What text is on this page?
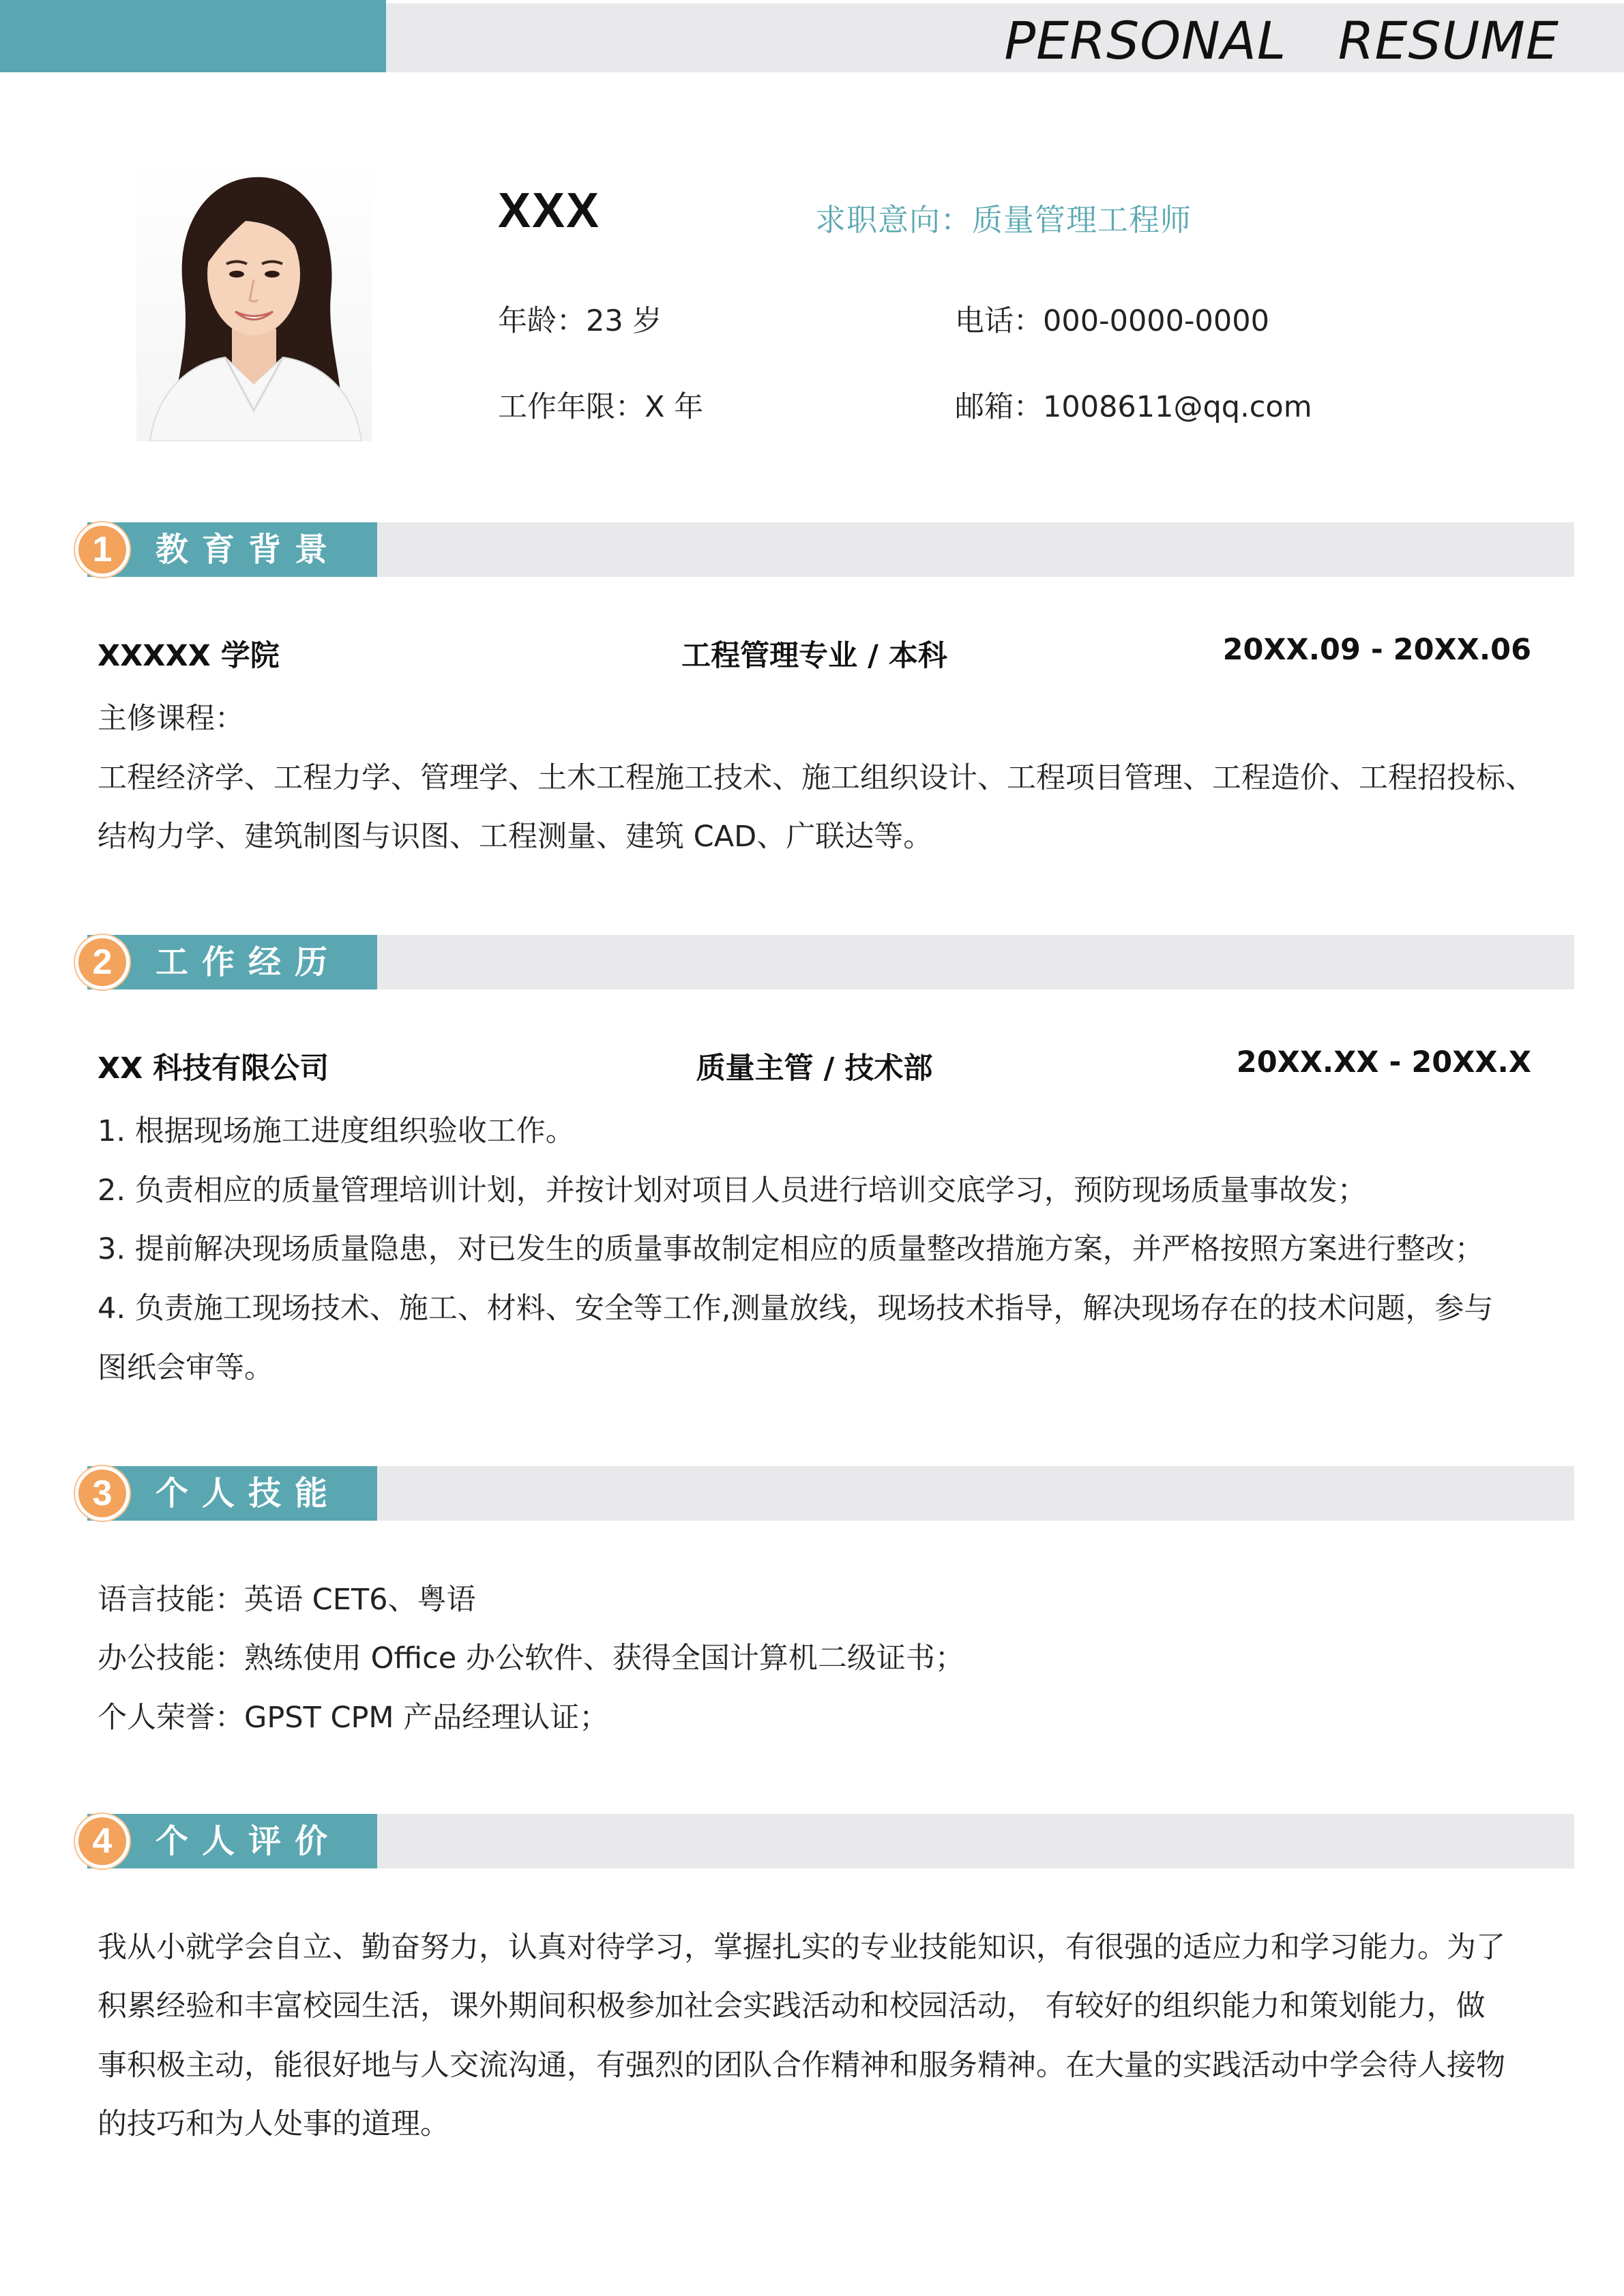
PERSONAL   RESUME
XXX	求职意向：质量管理工程师
年龄：23 岁	电话：000-0000-0000
工作年限：X 年	邮箱：1008611@qq.com
1	教育背景
XXXXX 学院	工程管理专业 / 本科	20XX.09 - 20XX.06
主修课程：
工程经济学、工程力学、管理学、土木工程施工技术、施工组织设计、工程项目管理、工程造价、工程招投标、
结构力学、建筑制图与识图、工程测量、建筑 CAD、广联达等。
2	工作经历
XX 科技有限公司	质量主管 / 技术部	20XX.XX - 20XX.X
1. 根据现场施工进度组织验收工作。
2. 负责相应的质量管理培训计划，并按计划对项目人员进行培训交底学习，预防现场质量事故发；
3. 提前解决现场质量隐患，对已发生的质量事故制定相应的质量整改措施方案，并严格按照方案进行整改；
4. 负责施工现场技术、施工、材料、安全等工作,测量放线，现场技术指导，解决现场存在的技术问题，参与
图纸会审等。
3	个人技能
语言技能：英语 CET6、粤语
办公技能：熟练使用 Office 办公软件、获得全国计算机二级证书；
个人荣誉：GPST CPM 产品经理认证；
4	个人评价
我从小就学会自立、勤奋努力，认真对待学习，掌握扎实的专业技能知识，有很强的适应力和学习能力。为了
积累经验和丰富校园生活，课外期间积极参加社会实践活动和校园活动， 有较好的组织能力和策划能力，做
事积极主动，能很好地与人交流沟通，有强烈的团队合作精神和服务精神。在大量的实践活动中学会待人接物
的技巧和为人处事的道理。
